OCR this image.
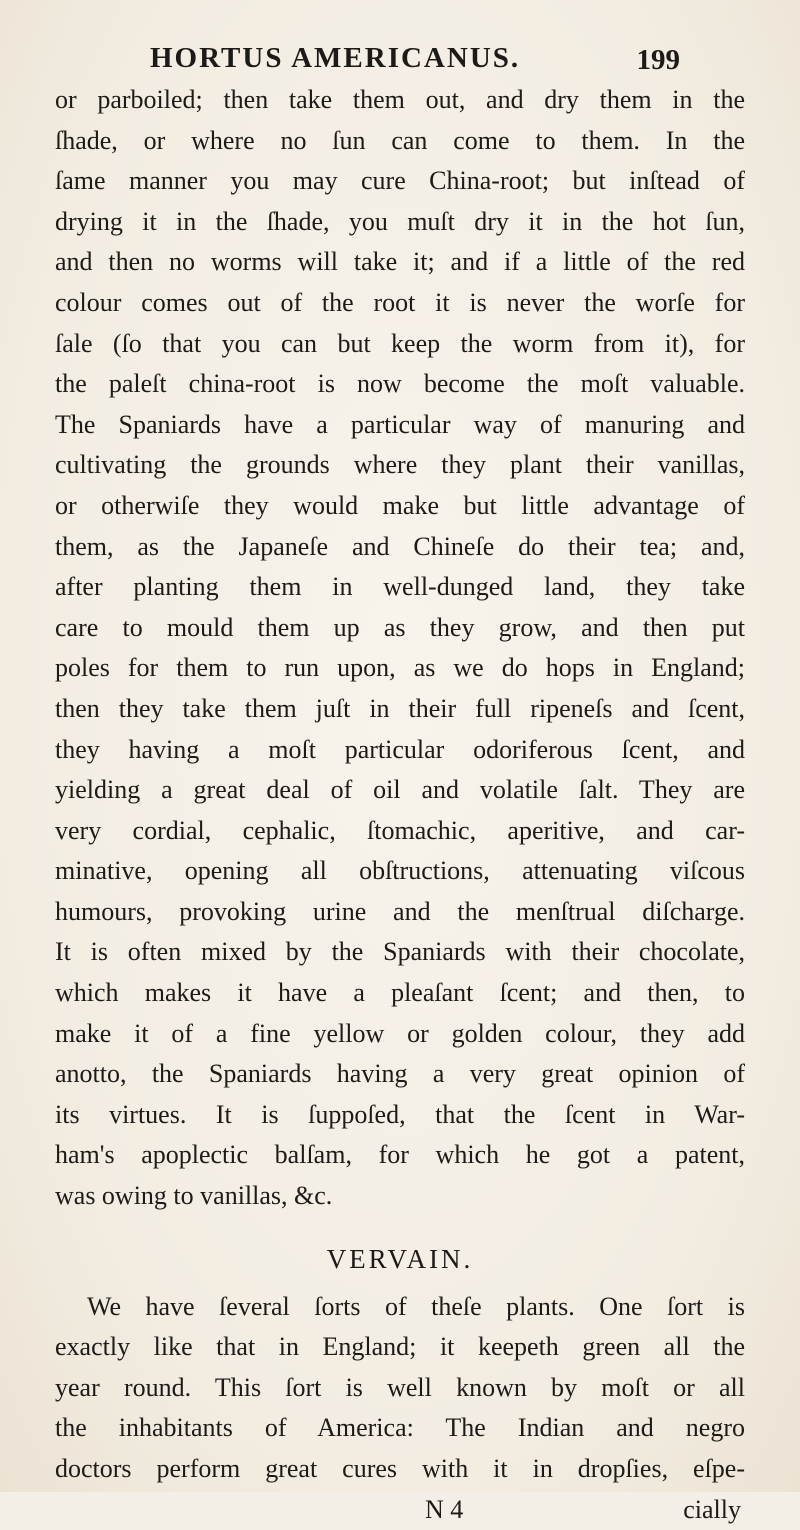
HORTUS AMERICANUS.	199
or parboiled; then take them out, and dry them in the
ſhade, or where no ſun can come to them. In the
ſame manner you may cure China-root; but inſtead of
drying it in the ſhade, you muſt dry it in the hot ſun,
and then no worms will take it; and if a little of the red
colour comes out of the root it is never the worſe for
ſale (ſo that you can but keep the worm from it), for
the paleſt china-root is now become the moſt valuable.
The Spaniards have a particular way of manuring and
cultivating the grounds where they plant their vanillas,
or otherwiſe they would make but little advantage of
them, as the Japaneſe and Chineſe do their tea; and,
after planting them in well-dunged land, they take
care to mould them up as they grow, and then put
poles for them to run upon, as we do hops in England;
then they take them juſt in their full ripeneſs and ſcent,
they having a moſt particular odoriferous ſcent, and
yielding a great deal of oil and volatile ſalt. They are
very cordial, cephalic, ſtomachic, aperitive, and car-
minative, opening all obſtructions, attenuating viſcous
humours, provoking urine and the menſtrual diſcharge.
It is often mixed by the Spaniards with their chocolate,
which makes it have a pleaſant ſcent; and then, to
make it of a fine yellow or golden colour, they add
anotto, the Spaniards having a very great opinion of
its virtues. It is ſuppoſed, that the ſcent in War-
ham's apoplectic balſam, for which he got a patent,
was owing to vanillas, &c.
VERVAIN.
We have ſeveral ſorts of theſe plants. One ſort is
exactly like that in England; it keepeth green all the
year round. This ſort is well known by moſt or all
the inhabitants of America: The Indian and negro
doctors perform great cures with it in dropſies, eſpe-
N 4	cially
